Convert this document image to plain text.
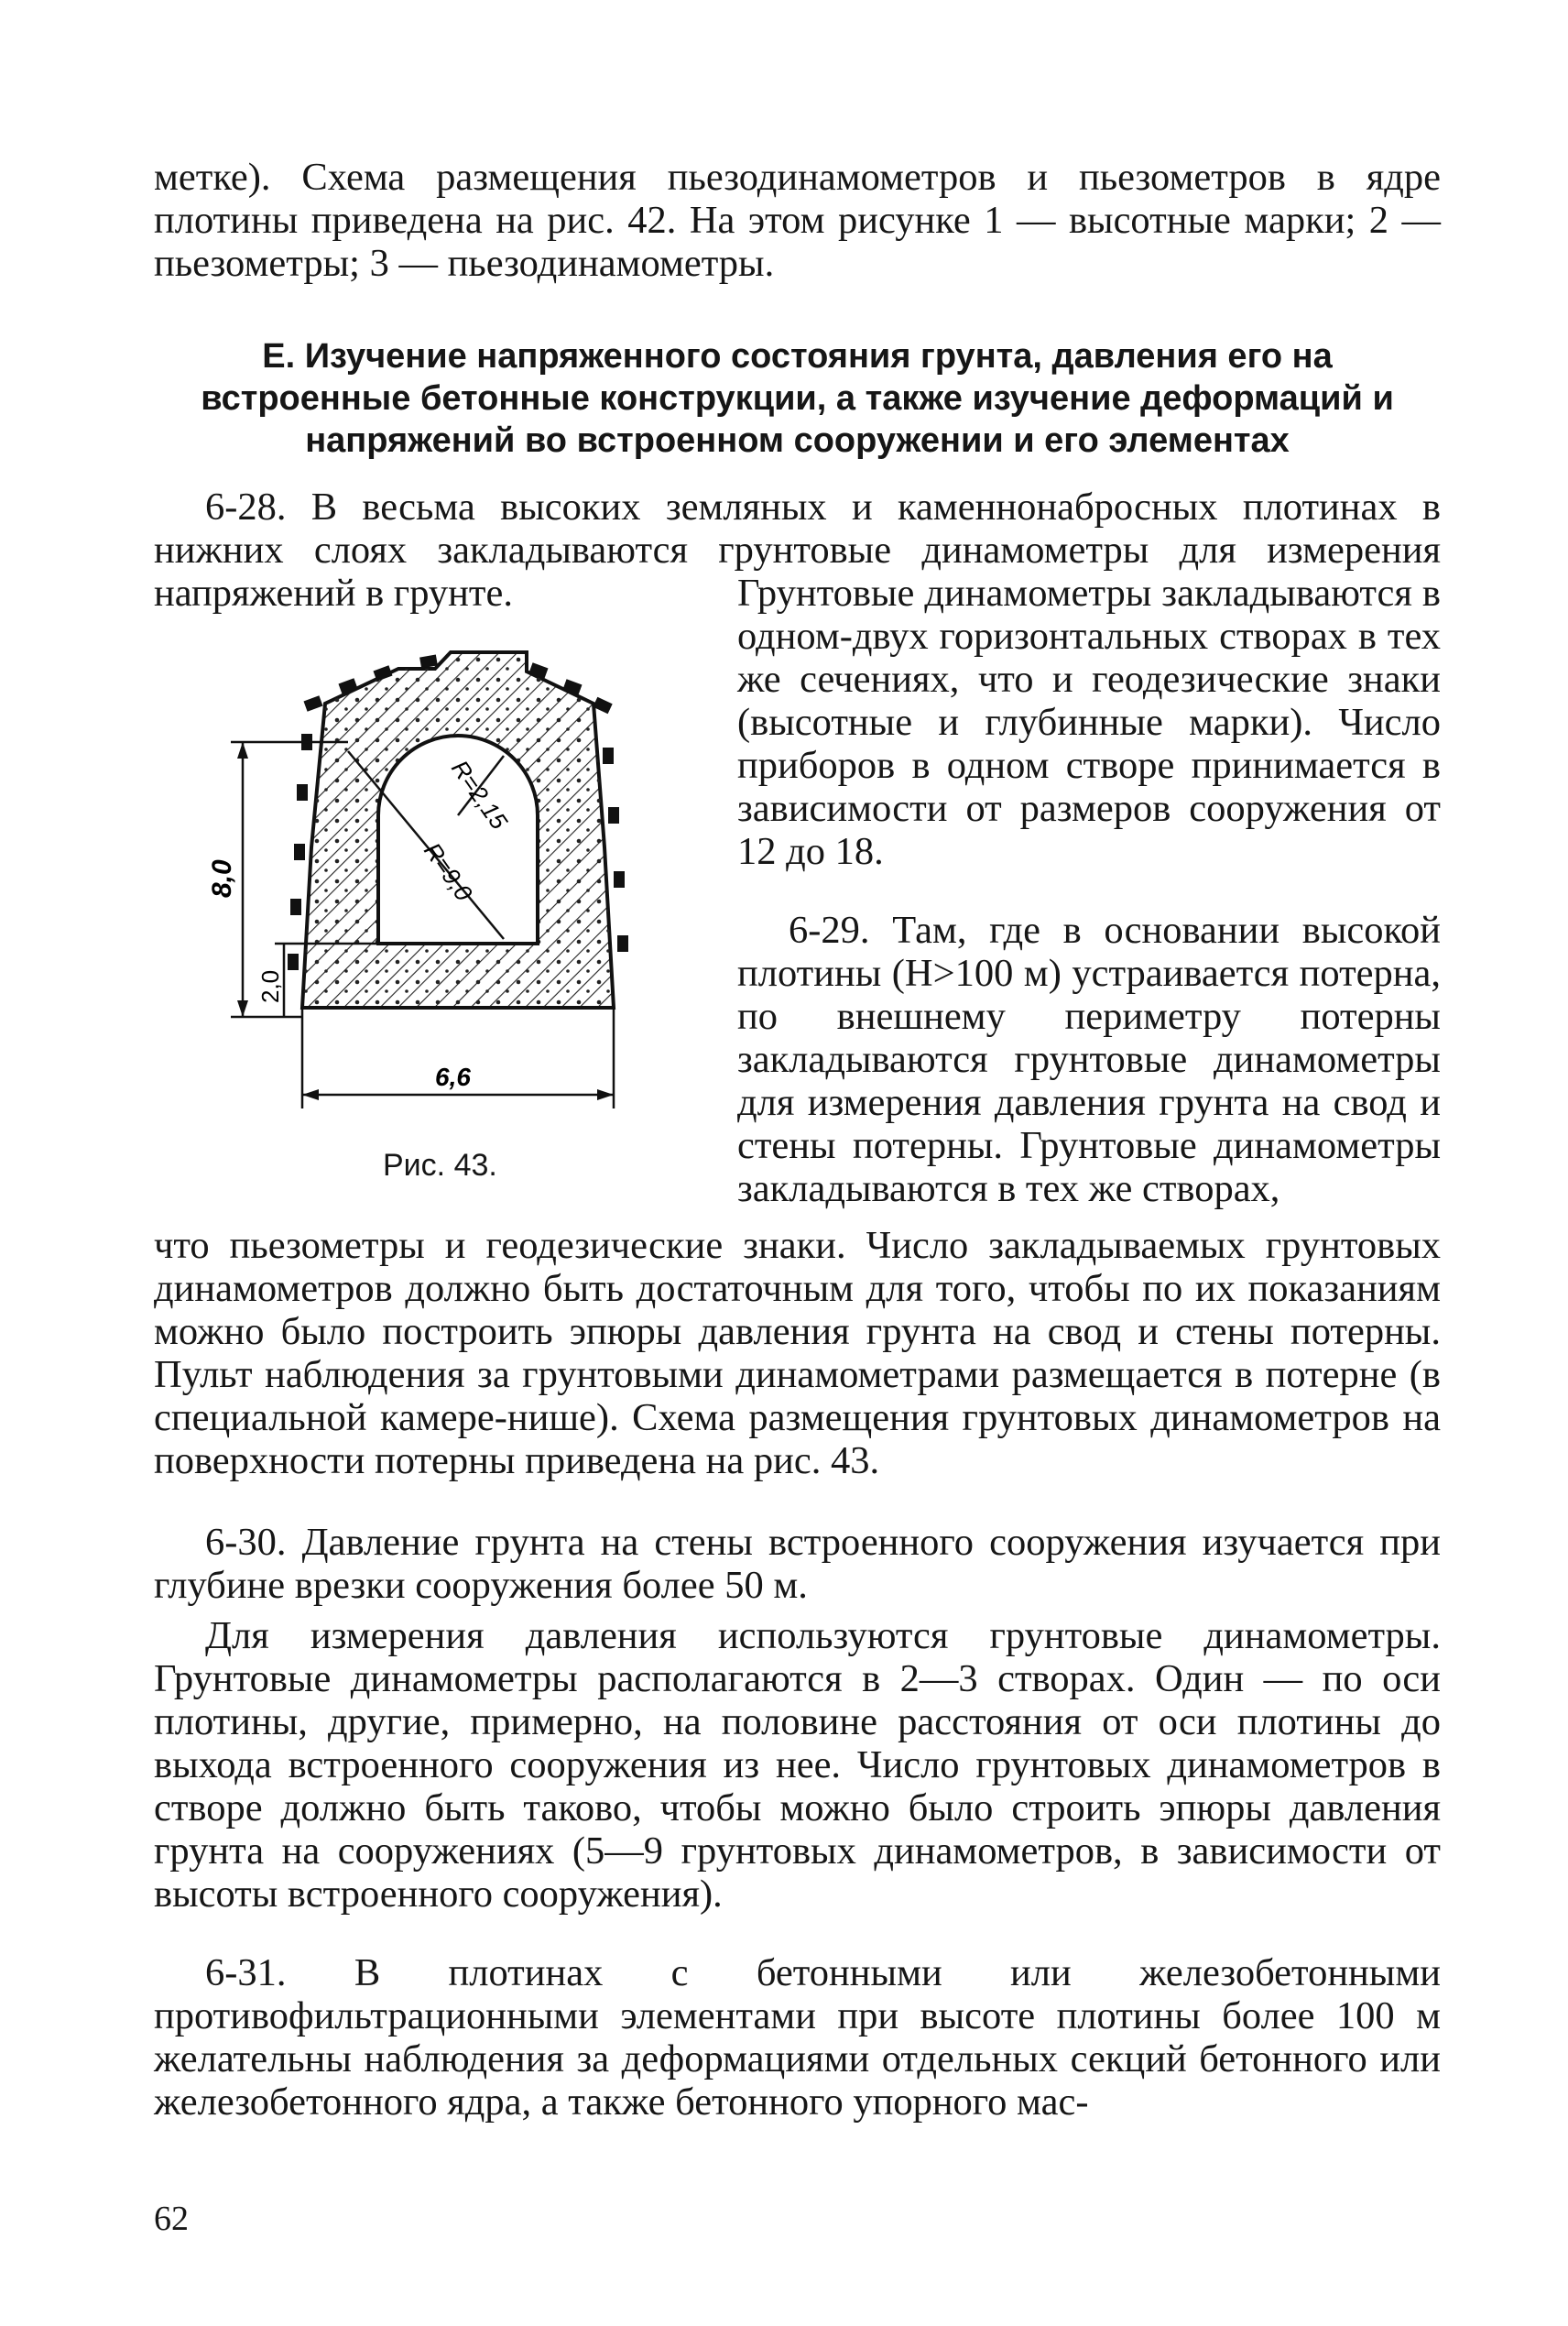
метке). Схема размещения пьезодинамометров и пьезометров в ядре плотины приведена на рис. 42. На этом рисунке 1 — высотные марки; 2 — пьезометры; 3 — пьезодинамометры.

Е. Изучение напряженного состояния грунта, давления его на встроенные бетонные конструкции, а также изучение деформаций и напряжений во встроенном сооружении и его элементах

6-28. В весьма высоких земляных и каменнонабросных плотинах в нижних слоях закладываются грунтовые динамометры для измерения напряжений в грунте.

8,0
2,0
6,6
R=2,15
R=9,0

Рис. 43.

Грунтовые динамометры закладываются в одном-двух горизонтальных створах в тех же сечениях, что и геодезические знаки (высотные и глубинные марки). Число приборов в одном створе принимается в зависимости от размеров сооружения от 12 до 18.

6-29. Там, где в основании высокой плотины (H>100 м) устраивается потерна, по внешнему периметру потерны закладываются грунтовые динамометры для измерения давления грунта на свод и стены потерны. Грунтовые динамометры закладываются в тех же створах,

что пьезометры и геодезические знаки. Число закладываемых грунтовых динамометров должно быть достаточным для того, чтобы по их показаниям можно было построить эпюры давления грунта на свод и стены потерны. Пульт наблюдения за грунтовыми динамометрами размещается в потерне (в специальной камере-нише). Схема размещения грунтовых динамометров на поверхности потерны приведена на рис. 43.

6-30. Давление грунта на стены встроенного сооружения изучается при глубине врезки сооружения более 50 м.

Для измерения давления используются грунтовые динамометры. Грунтовые динамометры располагаются в 2—3 створах. Один — по оси плотины, другие, примерно, на половине расстояния от оси плотины до выхода встроенного сооружения из нее. Число грунтовых динамометров в створе должно быть таково, чтобы можно было строить эпюры давления грунта на сооружениях (5—9 грунтовых динамометров, в зависимости от высоты встроенного сооружения).

6-31. В плотинах с бетонными или железобетонными противофильтрационными элементами при высоте плотины более 100 м желательны наблюдения за деформациями отдельных секций бетонного или железобетонного ядра, а также бетонного упорного мас-

62
